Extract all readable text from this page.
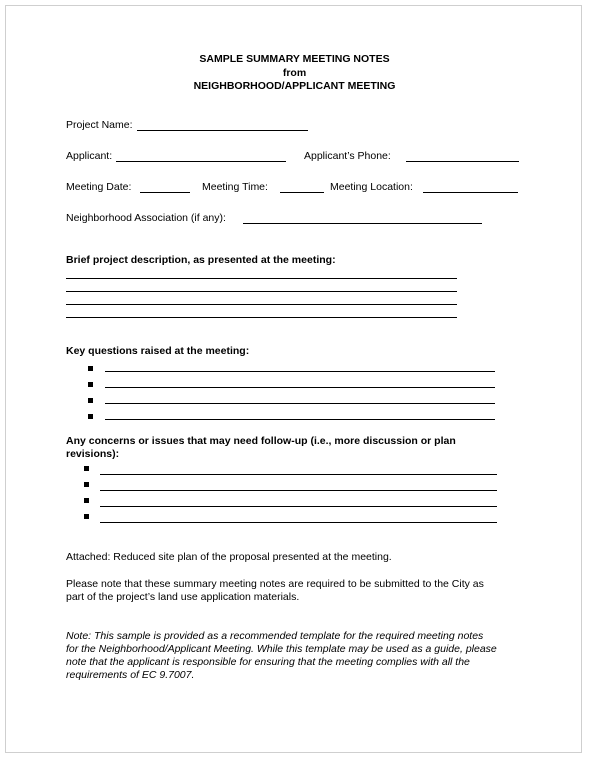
SAMPLE SUMMARY MEETING NOTES
from
NEIGHBORHOOD/APPLICANT MEETING
Project Name:
Applicant:	Applicant’s Phone:
Meeting Date:	Meeting Time:	Meeting Location:
Neighborhood Association (if any):
Brief project description, as presented at the meeting:
Key questions raised at the meeting:
Any concerns or issues that may need follow-up (i.e., more discussion or plan
revisions):
Attached: Reduced site plan of the proposal presented at the meeting.
Please note that these summary meeting notes are required to be submitted to the City as
part of the project’s land use application materials.
Note: This sample is provided as a recommended template for the required meeting notes
for the Neighborhood/Applicant Meeting. While this template may be used as a guide, please
note that the applicant is responsible for ensuring that the meeting complies with all the
requirements of EC 9.7007.
